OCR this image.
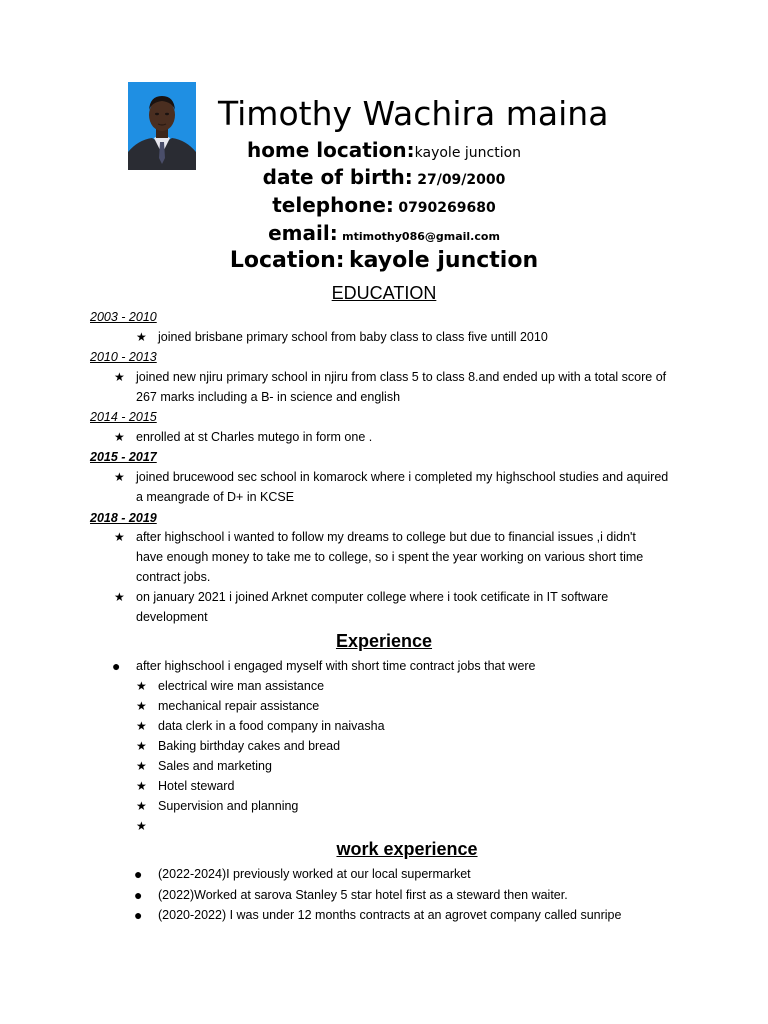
Timothy Wachira maina
home location:kayole junction
date of birth: 27/09/2000
telephone: 0790269680
email: mtimothy086@gmail.com
Location: kayole junction
EDUCATION
2003 - 2010
★ joined brisbane primary school from baby class to class five untill 2010
2010 - 2013
★ joined new njiru primary school in njiru from class 5 to class 8.and ended up with a total score of
267 marks including a B- in science and english
2014 - 2015
★ enrolled at st Charles mutego in form one .
2015 - 2017
★ joined brucewood sec school in komarock where i completed my highschool studies and aquired
a meangrade of D+ in KCSE
2018 - 2019
★ after highschool i wanted to follow my dreams to college but due to financial issues ,i didn't
have enough money to take me to college, so i spent the year working on various short time
contract jobs.
★ on january 2021 i joined Arknet computer college where i took cetificate in IT software
development
Experience
● after highschool i engaged myself with short time contract jobs that were
★ electrical wire man assistance
★ mechanical repair assistance
★ data clerk in a food company in naivasha
★ Baking birthday cakes and bread
★ Sales and marketing
★ Hotel steward
★ Supervision and planning
★
work experience
● (2022-2024)I previously worked at our local supermarket
● (2022)Worked at sarova Stanley 5 star hotel first as a steward then waiter.
● (2020-2022) I was under 12 months contracts at an agrovet company called sunripe
